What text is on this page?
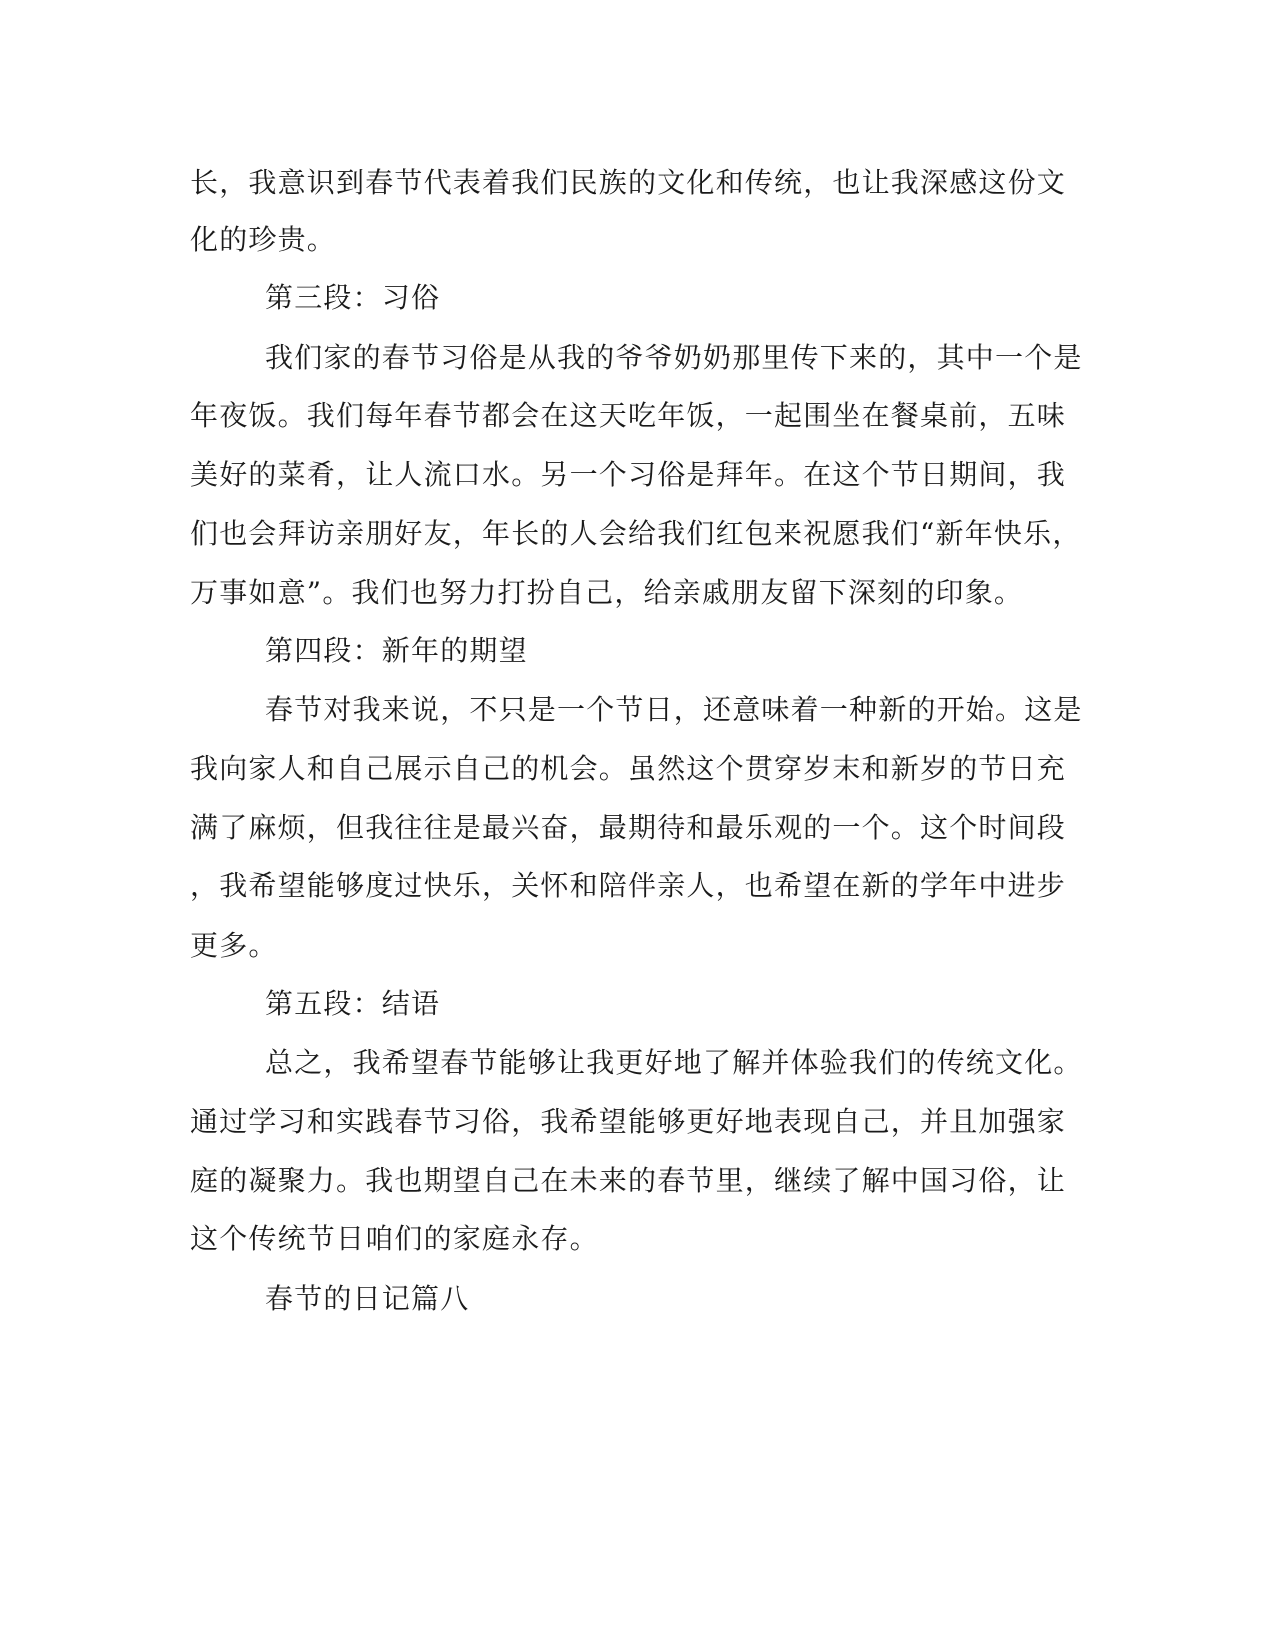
长，我意识到春节代表着我们民族的文化和传统，也让我深感这份文

化的珍贵。

第三段：习俗

我们家的春节习俗是从我的爷爷奶奶那里传下来的，其中一个是

年夜饭。我们每年春节都会在这天吃年饭，一起围坐在餐桌前，五味

美好的菜肴，让人流口水。另一个习俗是拜年。在这个节日期间，我

们也会拜访亲朋好友，年长的人会给我们红包来祝愿我们“新年快乐，

万事如意”。我们也努力打扮自己，给亲戚朋友留下深刻的印象。

第四段：新年的期望

春节对我来说，不只是一个节日，还意味着一种新的开始。这是

我向家人和自己展示自己的机会。虽然这个贯穿岁末和新岁的节日充

满了麻烦，但我往往是最兴奋，最期待和最乐观的一个。这个时间段

，我希望能够度过快乐，关怀和陪伴亲人，也希望在新的学年中进步

更多。

第五段：结语

总之，我希望春节能够让我更好地了解并体验我们的传统文化。

通过学习和实践春节习俗，我希望能够更好地表现自己，并且加强家

庭的凝聚力。我也期望自己在未来的春节里，继续了解中国习俗，让

这个传统节日咱们的家庭永存。

春节的日记篇八
